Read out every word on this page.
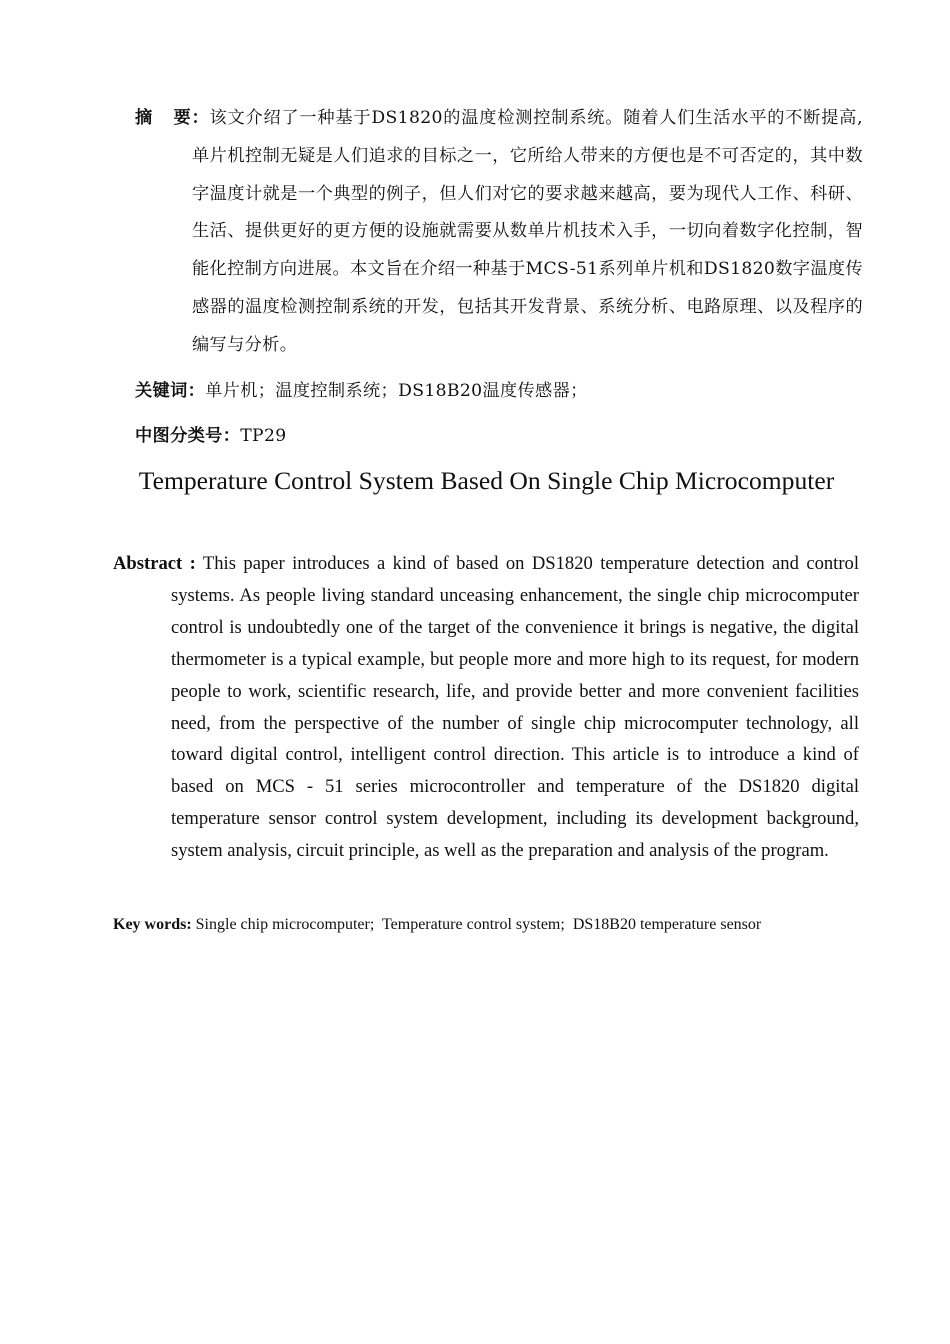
摘 要：该文介绍了一种基于DS1820的温度检测控制系统。随着人们生活水平的不断提高,单片机控制无疑是人们追求的目标之一，它所给人带来的方便也是不可否定的，其中数字温度计就是一个典型的例子，但人们对它的要求越来越高，要为现代人工作、科研、生活、提供更好的更方便的设施就需要从数单片机技术入手，一切向着数字化控制，智能化控制方向进展。本文旨在介绍一种基于MCS-51系列单片机和DS1820数字温度传感器的温度检测控制系统的开发，包括其开发背景、系统分析、电路原理、以及程序的编写与分析。

关键词：单片机；温度控制系统；DS18B20温度传感器；
中图分类号：TP29
Temperature Control System Based On Single Chip Microcomputer

Abstract : This paper introduces a kind of based on DS1820 temperature detection and control systems. As people living standard unceasing enhancement, the single chip microcomputer control is undoubtedly one of the target of the convenience it brings is negative, the digital thermometer is a typical example, but people more and more high to its request, for modern people to work, scientific research, life, and provide better and more convenient facilities need, from the perspective of the number of single chip microcomputer technology, all toward digital control, intelligent control direction. This article is to introduce a kind of based on MCS - 51 series microcontroller and temperature of the DS1820 digital temperature sensor control system development, including its development background, system analysis, circuit principle, as well as the preparation and analysis of the program.

Key words: Single chip microcomputer;  Temperature control system;  DS18B20 temperature sensor
